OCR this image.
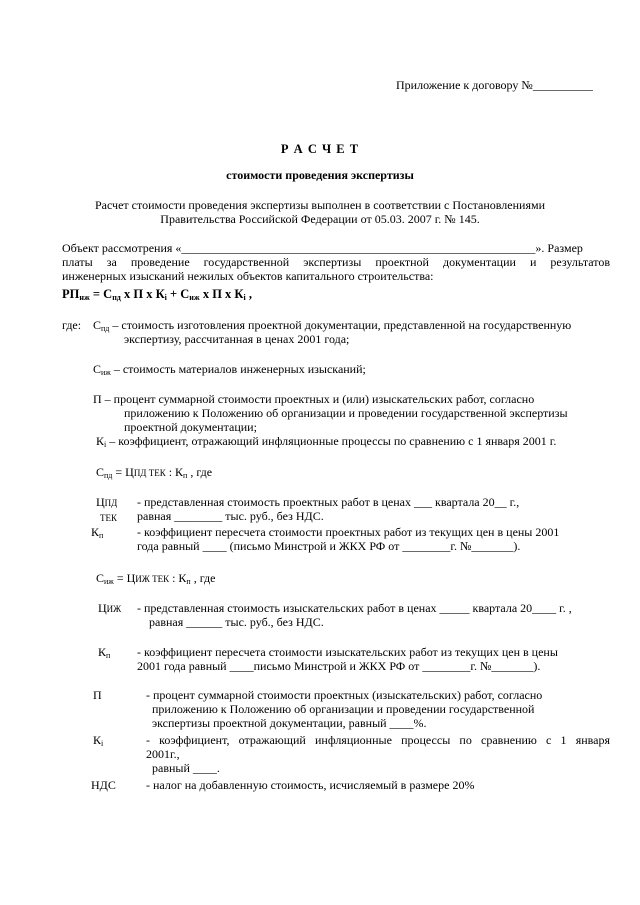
Приложение к договору №__________
Р А С Ч Е Т
стоимости проведения экспертизы
Расчет стоимости проведения экспертизы выполнен в соответствии с Постановлениями
Правительства Российской Федерации от 05.03. 2007 г. № 145.
Объект рассмотрения «___________________________________________________________». Размер
платы за проведение государственной экспертизы проектной документации и результатов
инженерных изысканий нежилых объектов капитального строительства:
$РП_{нж} = С_{пд}$ х П х $К_i + С_{иж}$ х П х $К_i$ ,
где: $С_{пд}$ – стоимость изготовления проектной документации, представленной на государственную
экспертизу, рассчитанная в ценах 2001 года;
$С_{иж}$ – стоимость материалов инженерных изысканий;
П – процент суммарной стоимости проектных и (или) изыскательских работ, согласно
приложению к Положению об организации и проведении государственной экспертизы
проектной документации;
$К_i$ – коэффициент, отражающий инфляционные процессы по сравнению с 1 января 2001 г.
$С_{пд}$ = ЦПД ТЕК : $К_п$ , где
ЦПД
ТЕК
- представленная стоимость проектных работ в ценах ___ квартала 20__ г.,
равная ________ тыс. руб., без НДС.
$К_п$	- коэффициент пересчета стоимости проектных работ из текущих цен в цены 2001
года равный ____ (письмо Минстрой и ЖКХ РФ от ________г. №_______).
$С_{иж}$ = ЦИЖ ТЕК : $К_п$ , где
ЦИЖ - представленная стоимость изыскательских работ в ценах _____ квартала 20____ г. ,
равная ______ тыс. руб., без НДС.
$К_п$ - коэффициент пересчета стоимости изыскательских работ из текущих цен в цены
2001 года равный ____письмо Минстрой и ЖКХ РФ от ________г. №_______).
П	- процент суммарной стоимости проектных (изыскательских) работ, согласно
приложению к Положению об организации и проведении государственной
экспертизы проектной документации, равный ____%.
$К_i$	- коэффициент, отражающий инфляционные процессы по сравнению с 1 января
2001г.,
равный ____.
НДС	- налог на добавленную стоимость, исчисляемый в размере 20%
